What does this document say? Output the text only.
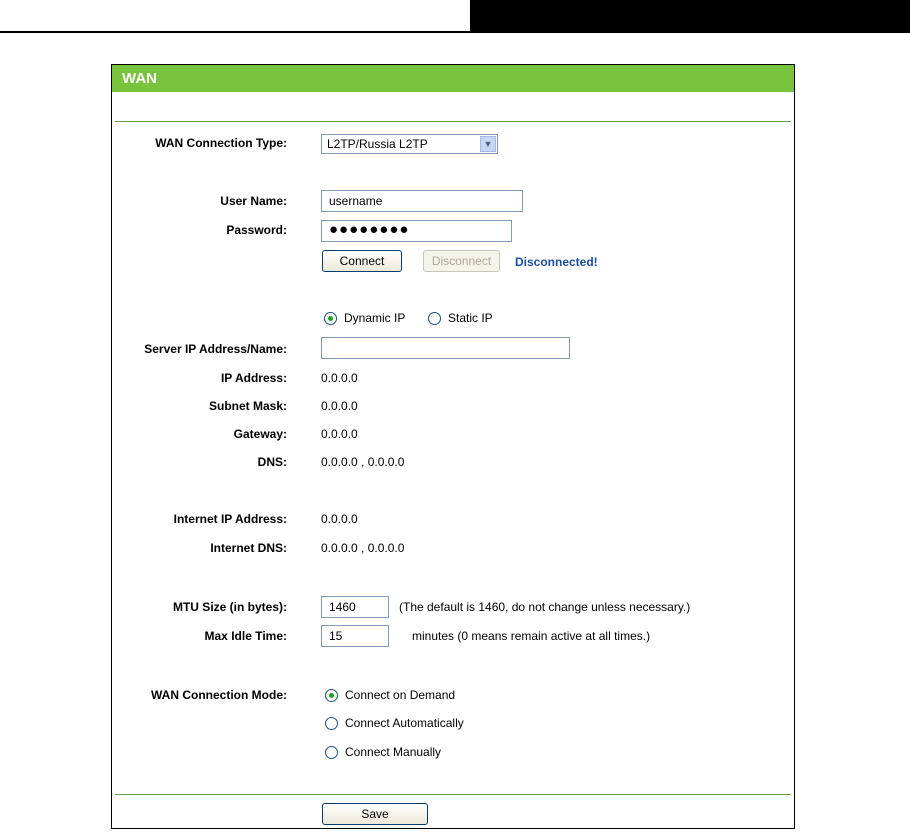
WAN
WAN Connection Type:	L2TP/Russia L2TP	▼
User Name:	username
Password:	●●●●●●●●
Connect	Disconnect	Disconnected!
Dynamic IP	Static IP
Server IP Address/Name:
IP Address:	0.0.0.0
Subnet Mask:	0.0.0.0
Gateway:	0.0.0.0
DNS:	0.0.0.0 , 0.0.0.0
Internet IP Address:	0.0.0.0
Internet DNS:	0.0.0.0 , 0.0.0.0
MTU Size (in bytes):	1460	(The default is 1460, do not change unless necessary.)
Max Idle Time:	15	minutes (0 means remain active at all times.)
WAN Connection Mode:	Connect on Demand
Connect Automatically
Connect Manually
Save
